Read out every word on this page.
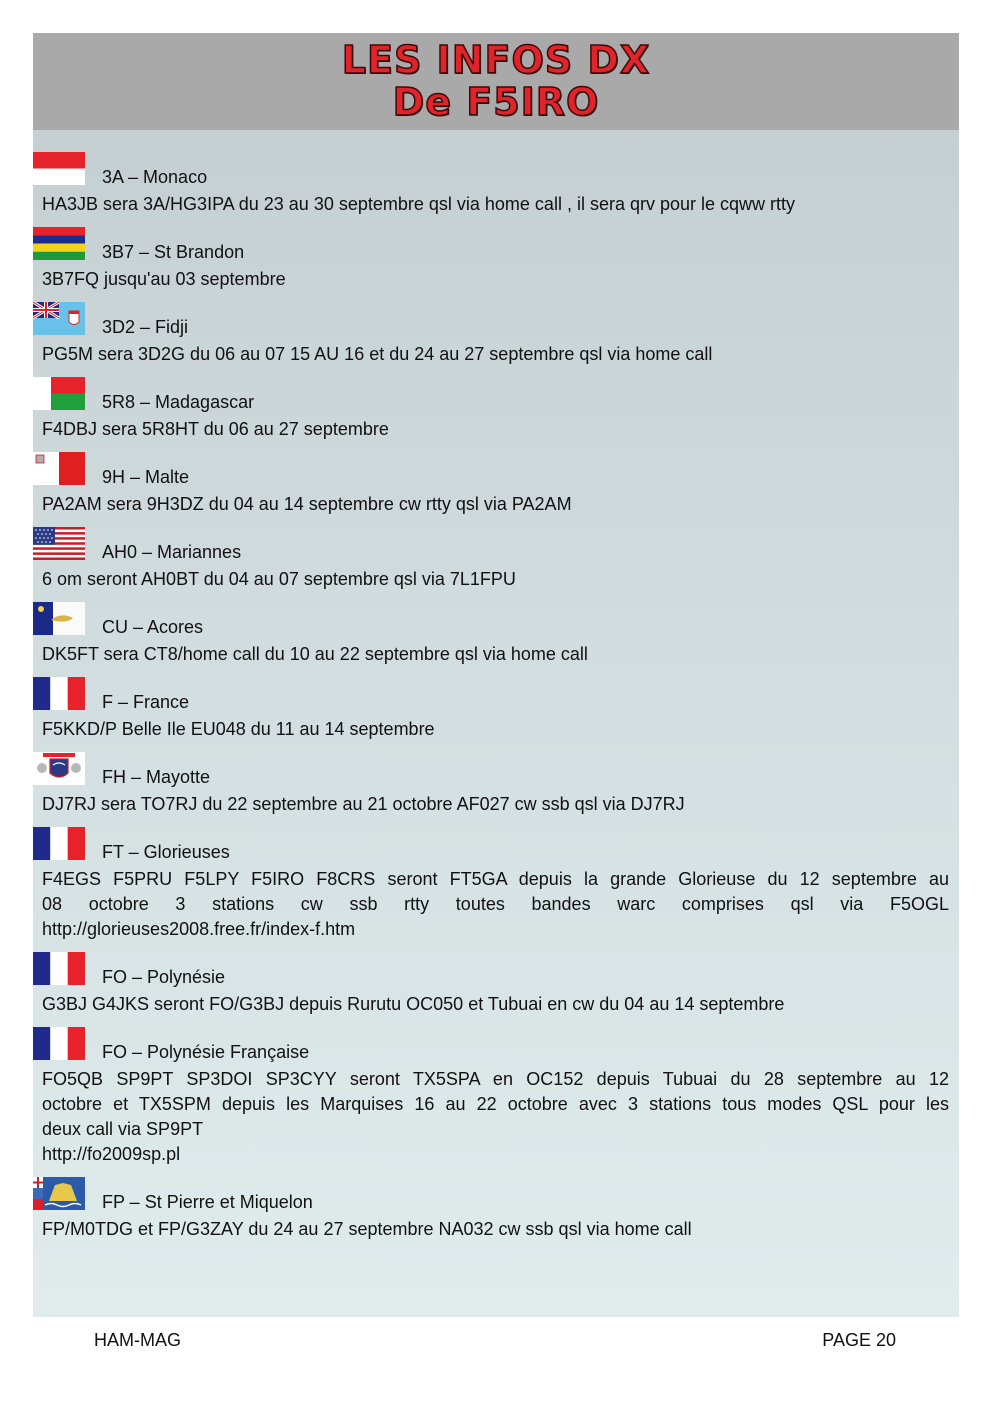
LES INFOS DX
De F5IRO
3A – Monaco
HA3JB sera 3A/HG3IPA du 23 au 30 septembre qsl via home call , il sera qrv pour le cqww rtty
3B7 – St Brandon
3B7FQ jusqu'au 03 septembre
3D2 – Fidji
PG5M sera 3D2G du 06 au 07 15 AU 16 et du 24 au 27 septembre qsl via home call
5R8 – Madagascar
F4DBJ sera 5R8HT du 06 au 27 septembre
9H – Malte
PA2AM sera 9H3DZ du 04 au 14 septembre cw rtty qsl via PA2AM
AH0 – Mariannes
6 om seront AH0BT du 04 au 07 septembre qsl via 7L1FPU
CU – Acores
DK5FT sera CT8/home call du 10 au 22 septembre qsl via home call
F – France
F5KKD/P Belle Ile EU048 du 11 au 14 septembre
FH – Mayotte
DJ7RJ sera TO7RJ du 22 septembre au 21 octobre AF027 cw ssb qsl via DJ7RJ
FT – Glorieuses
F4EGS F5PRU F5LPY F5IRO F8CRS seront FT5GA depuis la grande Glorieuse du 12 septembre au
08 octobre 3 stations cw ssb rtty toutes bandes warc comprises qsl via F5OGL
http://glorieuses2008.free.fr/index-f.htm
FO – Polynésie
G3BJ G4JKS seront FO/G3BJ depuis Rurutu OC050 et Tubuai en cw du 04 au 14 septembre
FO – Polynésie Française
FO5QB SP9PT SP3DOI SP3CYY seront TX5SPA en OC152 depuis Tubuai du 28 septembre au 12
octobre et TX5SPM depuis les Marquises 16 au 22 octobre avec 3 stations tous modes QSL pour les
deux call via SP9PT
http://fo2009sp.pl
FP – St Pierre et Miquelon
FP/M0TDG et FP/G3ZAY du 24 au 27 septembre NA032 cw ssb qsl via home call
HAM-MAG	PAGE 20
